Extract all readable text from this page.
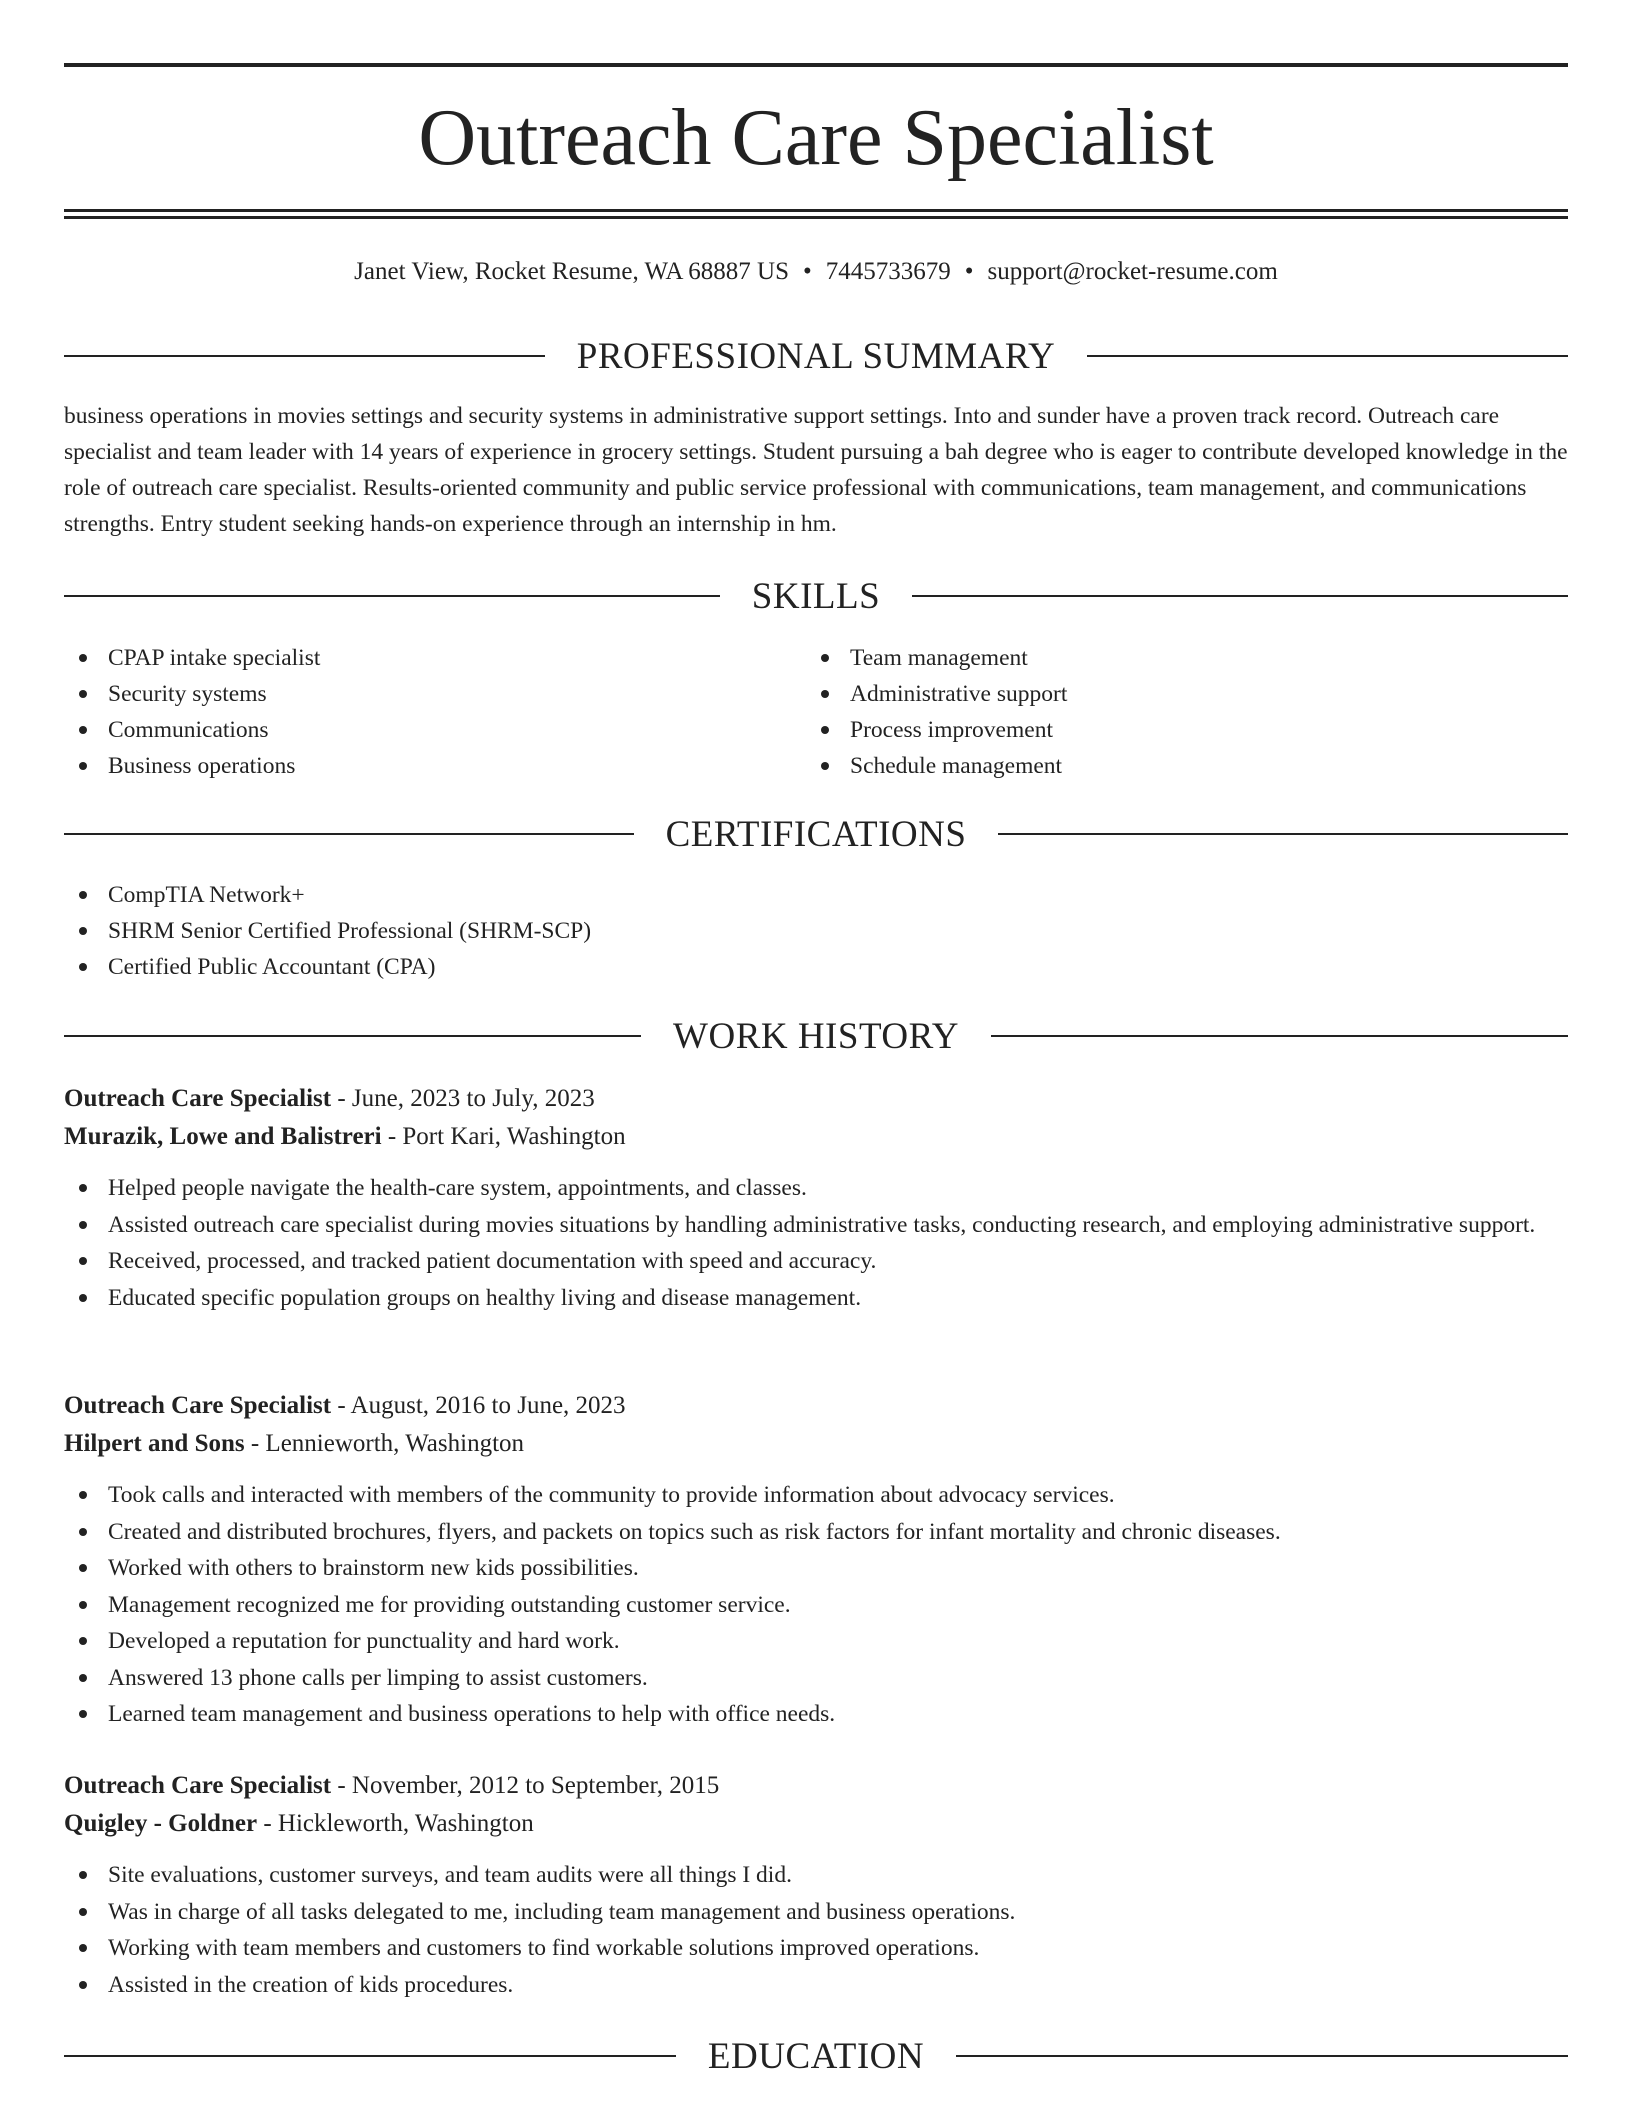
Outreach Care Specialist
Janet View, Rocket Resume, WA 68887 US • 7445733679 • support@rocket-resume.com
PROFESSIONAL SUMMARY

business operations in movies settings and security systems in administrative support settings. Into and sunder have a proven track record. Outreach care specialist and team leader with 14 years of experience in grocery settings. Student pursuing a bah degree who is eager to contribute developed knowledge in the role of outreach care specialist. Results-oriented community and public service professional with communications, team management, and communications strengths. Entry student seeking hands-on experience through an internship in hm.

SKILLS
CPAP intake specialist
Security systems
Communications
Business operations
Team management
Administrative support
Process improvement
Schedule management
CERTIFICATIONS
CompTIA Network+
SHRM Senior Certified Professional (SHRM-SCP)
Certified Public Accountant (CPA)
WORK HISTORY
Outreach Care Specialist - June, 2023 to July, 2023
Murazik, Lowe and Balistreri - Port Kari, Washington
Helped people navigate the health-care system, appointments, and classes.
Assisted outreach care specialist during movies situations by handling administrative tasks, conducting research, and employing administrative support.
Received, processed, and tracked patient documentation with speed and accuracy.
Educated specific population groups on healthy living and disease management.
Outreach Care Specialist - August, 2016 to June, 2023
Hilpert and Sons - Lennieworth, Washington
Took calls and interacted with members of the community to provide information about advocacy services.
Created and distributed brochures, flyers, and packets on topics such as risk factors for infant mortality and chronic diseases.
Worked with others to brainstorm new kids possibilities.
Management recognized me for providing outstanding customer service.
Developed a reputation for punctuality and hard work.
Answered 13 phone calls per limping to assist customers.
Learned team management and business operations to help with office needs.
Outreach Care Specialist - November, 2012 to September, 2015
Quigley - Goldner - Hickleworth, Washington
Site evaluations, customer surveys, and team audits were all things I did.
Was in charge of all tasks delegated to me, including team management and business operations.
Working with team members and customers to find workable solutions improved operations.
Assisted in the creation of kids procedures.
EDUCATION
